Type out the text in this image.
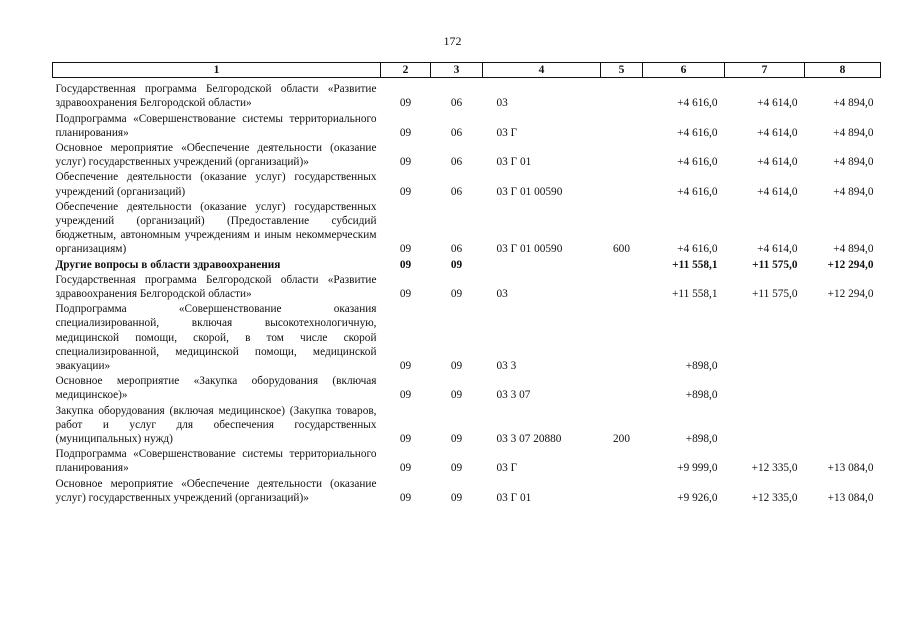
172
1	2	3	4	5	6	7	8

Государственная программа Белгородской области «Развитие здравоохранения Белгородской области»	09	06	03		+4 616,0	+4 614,0	+4 894,0

Подпрограмма «Совершенствование системы территориального планирования»	09	06	03 Г		+4 616,0	+4 614,0	+4 894,0

Основное мероприятие «Обеспечение деятельности (оказание услуг) государственных учреждений (организаций)»	09	06	03 Г 01		+4 616,0	+4 614,0	+4 894,0

Обеспечение деятельности (оказание услуг) государственных учреждений (организаций)	09	06	03 Г 01 00590		+4 616,0	+4 614,0	+4 894,0

Обеспечение деятельности (оказание услуг) государственных учреждений (организаций) (Предоставление субсидий бюджетным, автономным учреждениям и иным некоммерческим организациям)	09	06	03 Г 01 00590	600	+4 616,0	+4 614,0	+4 894,0

Другие вопросы в области здравоохранения	09	09			+11 558,1	+11 575,0	+12 294,0

Государственная программа Белгородской области «Развитие здравоохранения Белгородской области»	09	09	03		+11 558,1	+11 575,0	+12 294,0

Подпрограмма «Совершенствование оказания специализированной, включая высокотехнологичную, медицинской помощи, скорой, в том числе скорой специализированной, медицинской помощи, медицинской эвакуации»	09	09	03 3		+898,0		

Основное мероприятие «Закупка оборудования (включая медицинское)»	09	09	03 3 07		+898,0		

Закупка оборудования (включая медицинское) (Закупка товаров, работ и услуг для обеспечения государственных (муниципальных) нужд)	09	09	03 3 07 20880	200	+898,0		

Подпрограмма «Совершенствование системы территориального планирования»	09	09	03 Г		+9 999,0	+12 335,0	+13 084,0

Основное мероприятие «Обеспечение деятельности (оказание услуг) государственных учреждений (организаций)»	09	09	03 Г 01		+9 926,0	+12 335,0	+13 084,0
